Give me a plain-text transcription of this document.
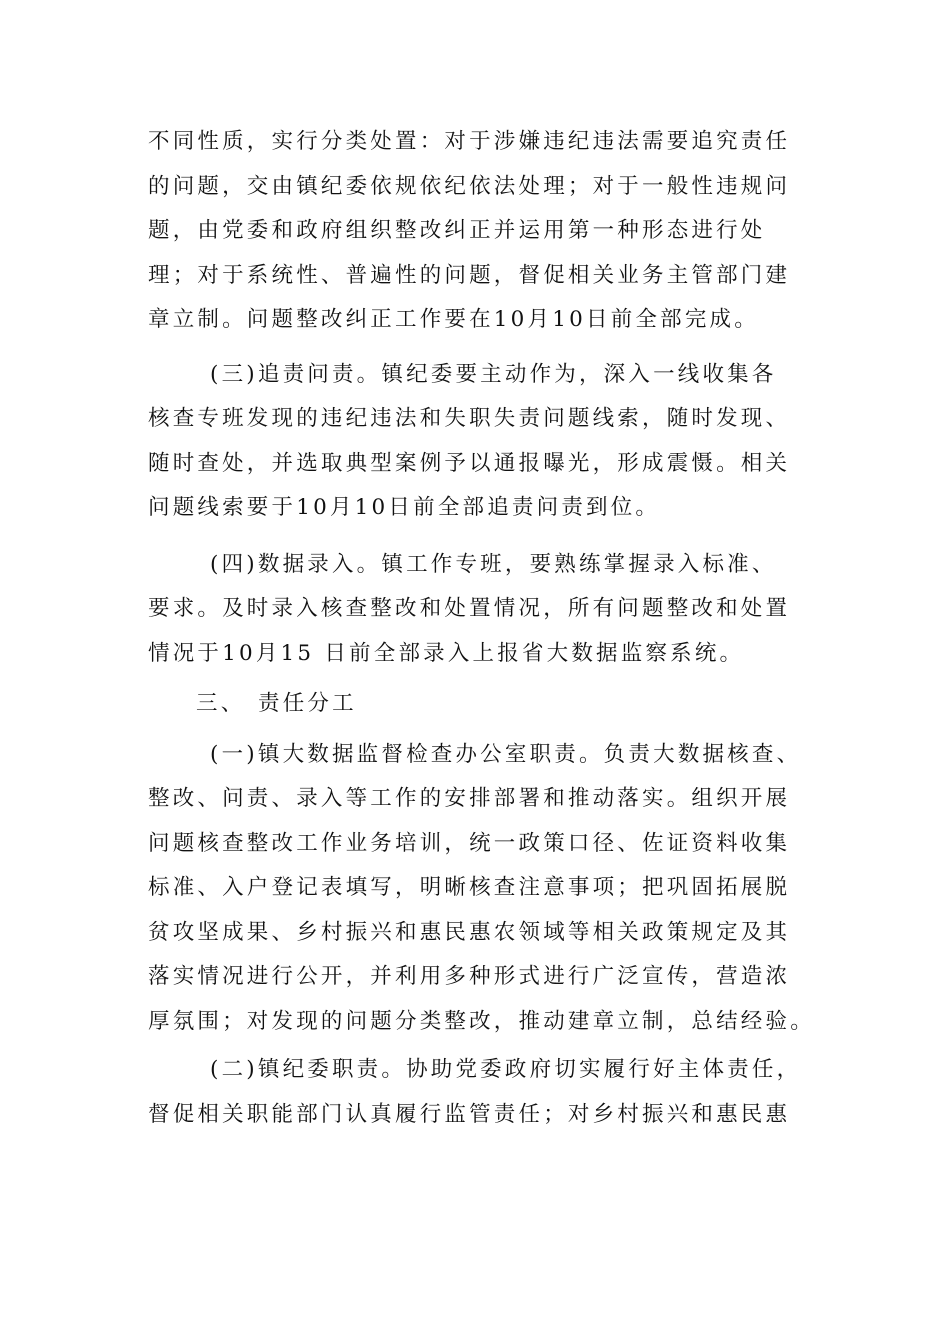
不同性质，实行分类处置：对于涉嫌违纪违法需要追究责任
的问题，交由镇纪委依规依纪依法处理；对于一般性违规问
题，由党委和政府组织整改纠正并运用第一种形态进行处
理；对于系统性、普遍性的问题，督促相关业务主管部门建
章立制。问题整改纠正工作要在10月10日前全部完成。
(三)追责问责。镇纪委要主动作为，深入一线收集各
核查专班发现的违纪违法和失职失责问题线索，随时发现、
随时查处，并选取典型案例予以通报曝光，形成震慑。相关
问题线索要于10月10日前全部追责问责到位。
(四)数据录入。镇工作专班，要熟练掌握录入标准、
要求。及时录入核查整改和处置情况，所有问题整改和处置
情况于10月15 日前全部录入上报省大数据监察系统。
三、 责任分工
(一)镇大数据监督检查办公室职责。负责大数据核查、
整改、问责、录入等工作的安排部署和推动落实。组织开展
问题核查整改工作业务培训，统一政策口径、佐证资料收集
标准、入户登记表填写，明晰核查注意事项；把巩固拓展脱
贫攻坚成果、乡村振兴和惠民惠农领域等相关政策规定及其
落实情况进行公开，并利用多种形式进行广泛宣传，营造浓
厚氛围；对发现的问题分类整改，推动建章立制，总结经验。
(二)镇纪委职责。协助党委政府切实履行好主体责任，
督促相关职能部门认真履行监管责任；对乡村振兴和惠民惠
